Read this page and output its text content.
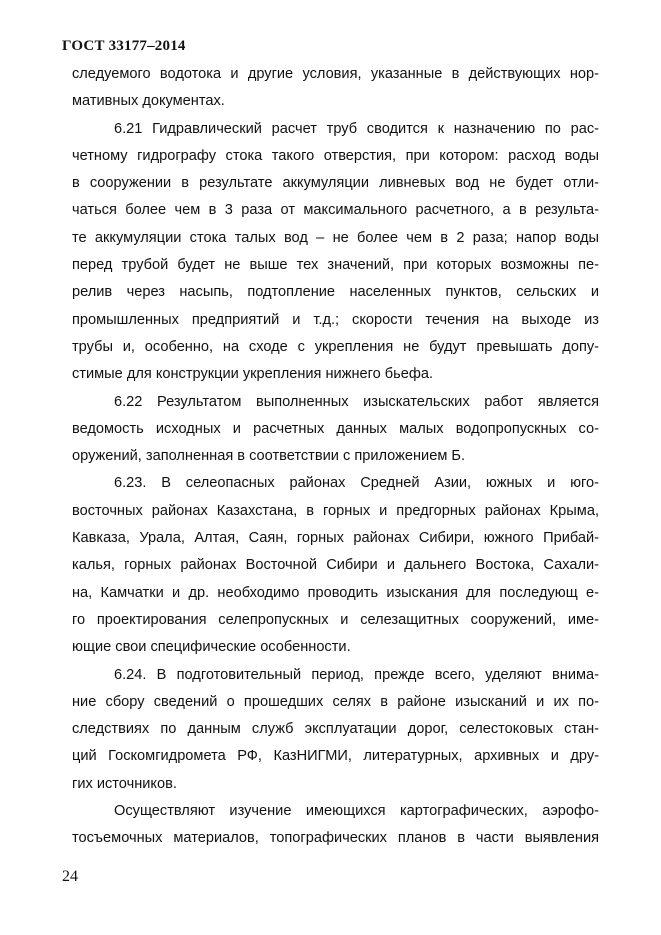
ГОСТ 33177–2014
следуемого водотока и другие условия, указанные в действующих нор-
мативных документах.
6.21 Гидравлический расчет труб сводится к назначению по рас-
четному гидрографу стока такого отверстия, при котором: расход воды
в сооружении в результате аккумуляции ливневых вод не будет отли-
чаться более чем в 3 раза от максимального расчетного, а в результа-
те аккумуляции стока талых вод – не более чем в 2 раза; напор воды
перед трубой будет не выше тех значений, при которых возможны пе-
релив через насыпь, подтопление населенных пунктов, сельских и
промышленных предприятий и т.д.; скорости течения на выходе из
трубы и, особенно, на сходе с укрепления не будут превышать допу-
стимые для конструкции укрепления нижнего бьефа.
6.22 Результатом выполненных изыскательских работ является
ведомость исходных и расчетных данных малых водопропускных со-
оружений, заполненная в соответствии с приложением Б.
6.23. В селеопасных районах Средней Азии, южных и юго-
восточных районах Казахстана, в горных и предгорных районах Крыма,
Кавказа, Урала, Алтая, Саян, горных районах Сибири, южного Прибай-
калья, горных районах Восточной Сибири и дальнего Востока, Сахали-
на, Камчатки и др. необходимо проводить изыскания для последующ е-
го проектирования селепропускных и селезащитных сооружений, име-
ющие свои специфические особенности.
6.24. В подготовительный период, прежде всего, уделяют внима-
ние сбору сведений о прошедших селях в районе изысканий и их по-
следствиях по данным служб эксплуатации дорог, селестоковых стан-
ций Госкомгидромета РФ, КазНИГМИ, литературных, архивных и дру-
гих источников.
Осуществляют изучение имеющихся картографических, аэрофо-
тосъемочных материалов, топографических планов в части выявления
24
